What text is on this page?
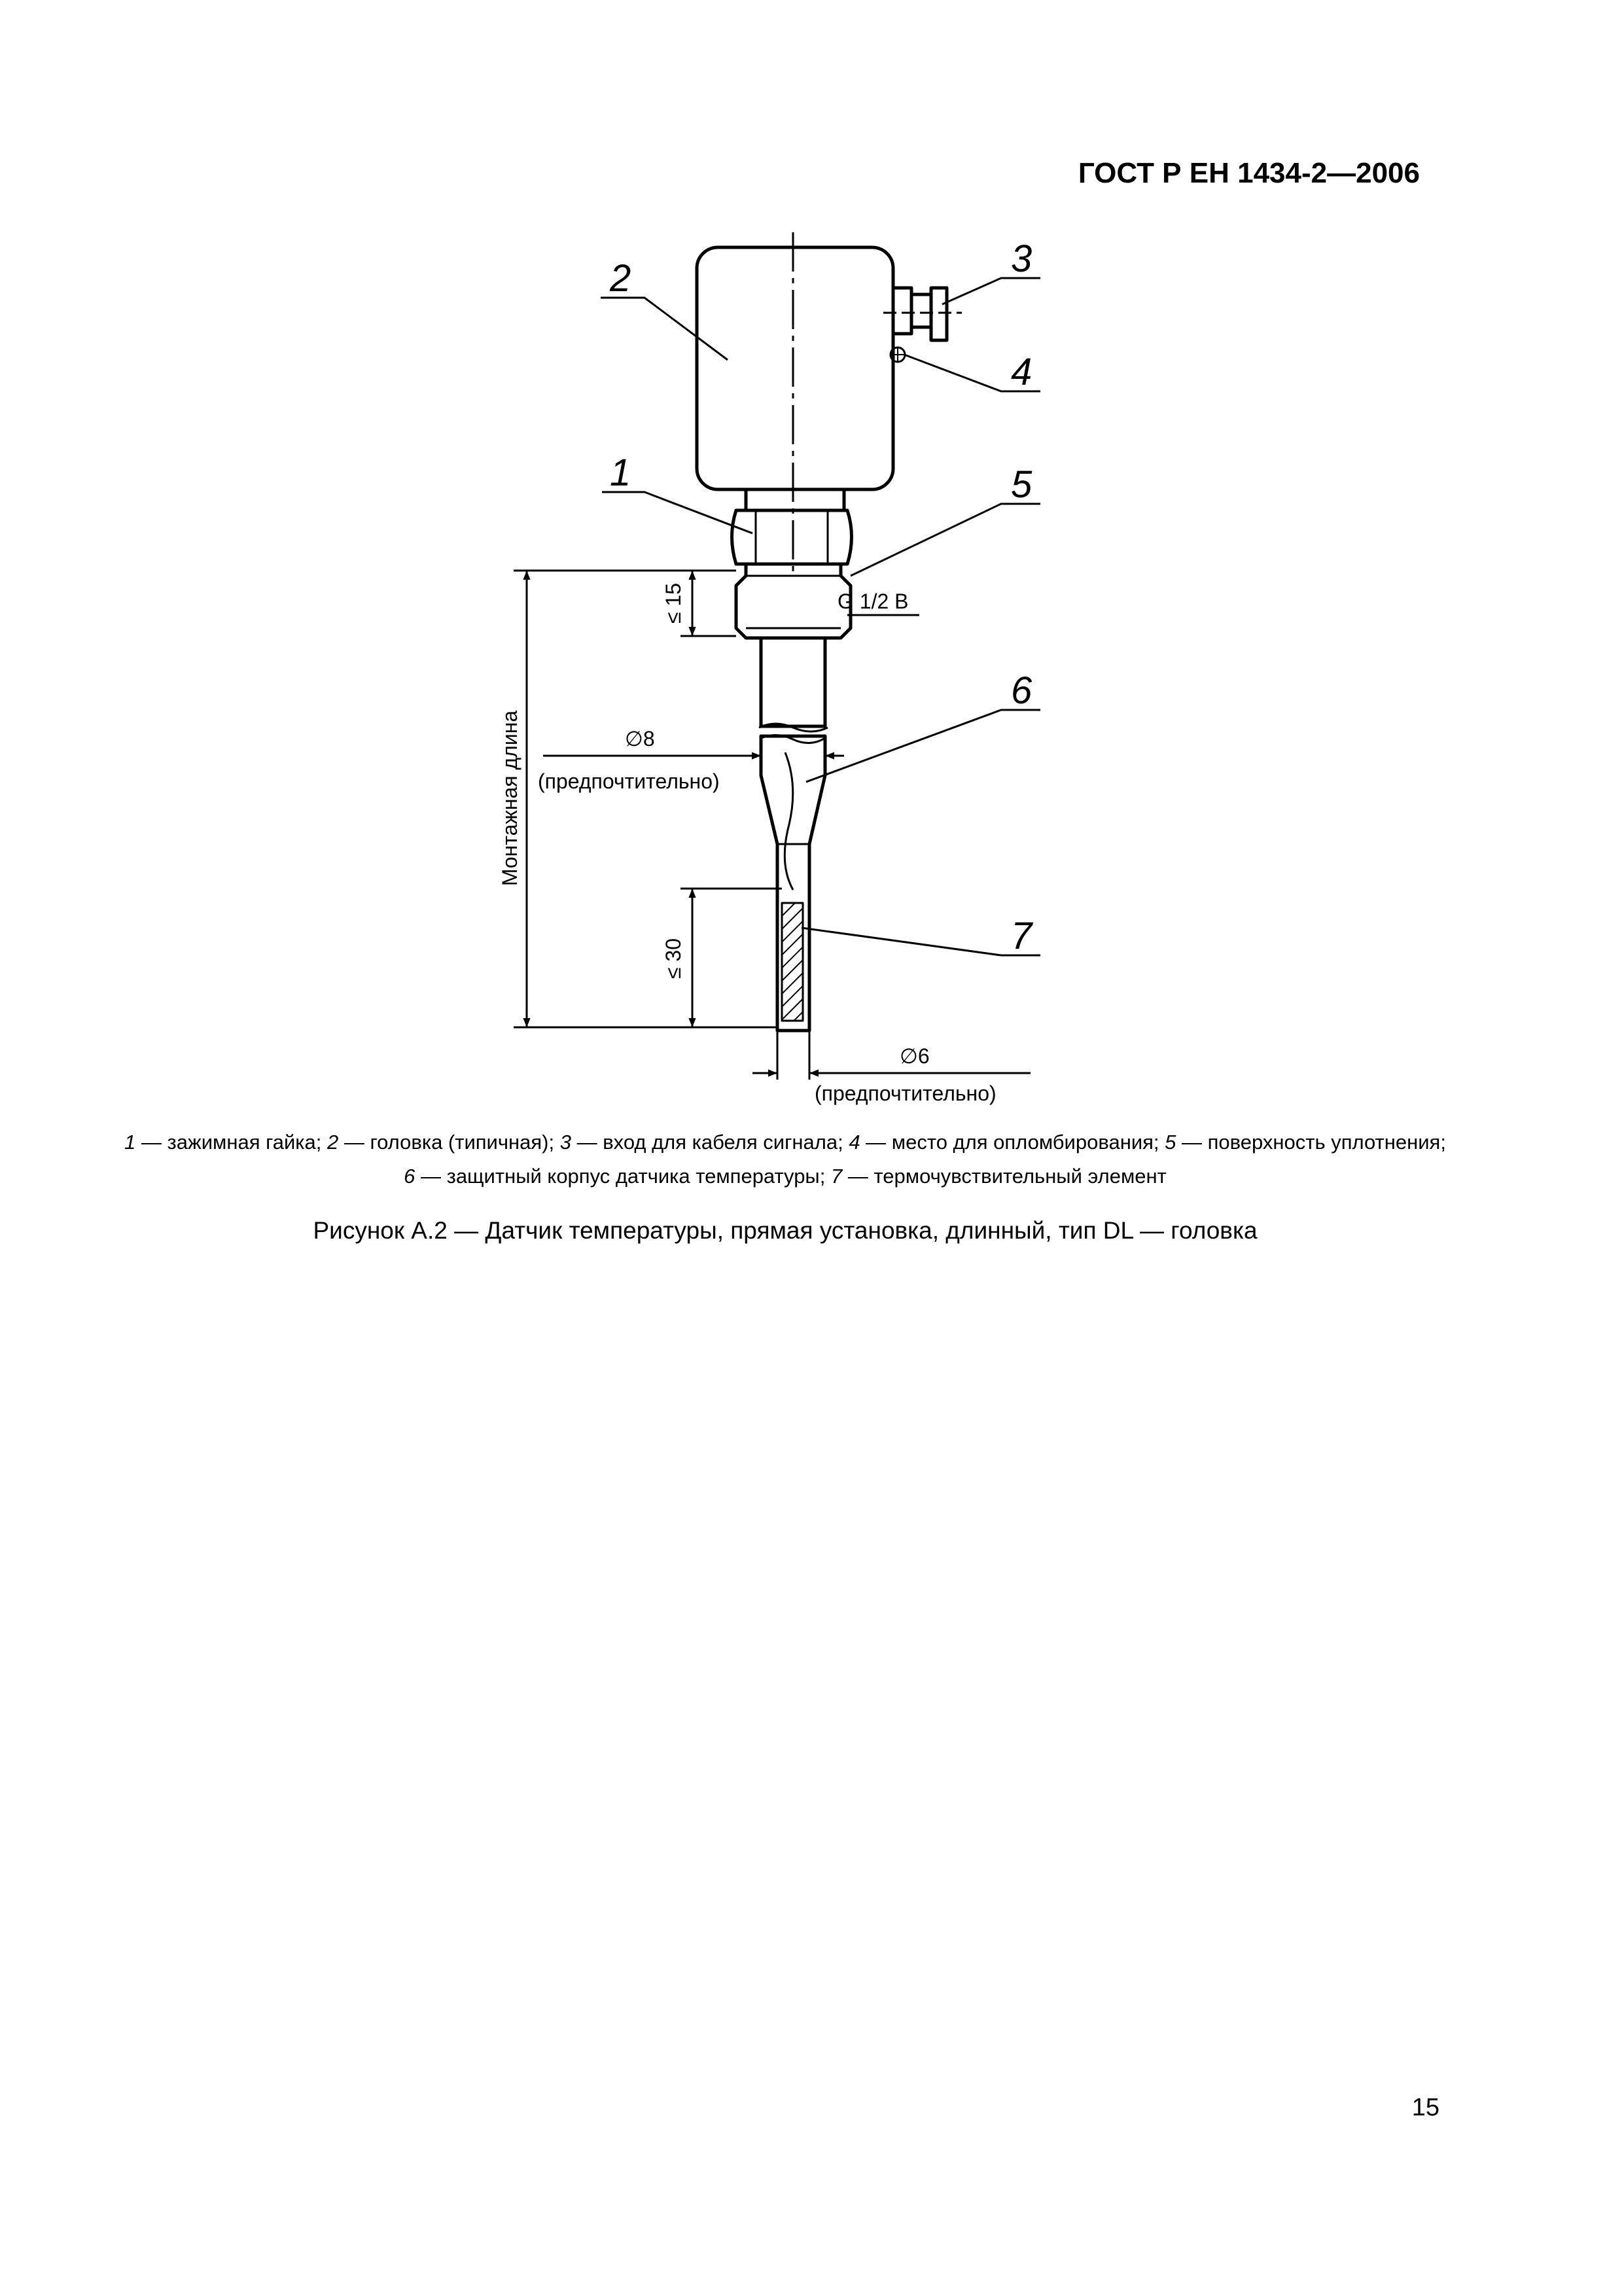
ГОСТ Р ЕН 1434-2—2006
2
1
3
4
5
6
7
Монтажная длина
≤ 15	G 1/2 B
∅8
(предпочтительно)
≤ 30
∅6
(предпочтительно)
1 — зажимная гайка; 2 — головка (типичная); 3 — вход для кабеля сигнала; 4 — место для опломбирования; 5 — поверхность уплотнения; 6 — защитный корпус датчика температуры; 7 — термочувствительный элемент
Рисунок А.2 — Датчик температуры, прямая установка, длинный, тип DL — головка
15
